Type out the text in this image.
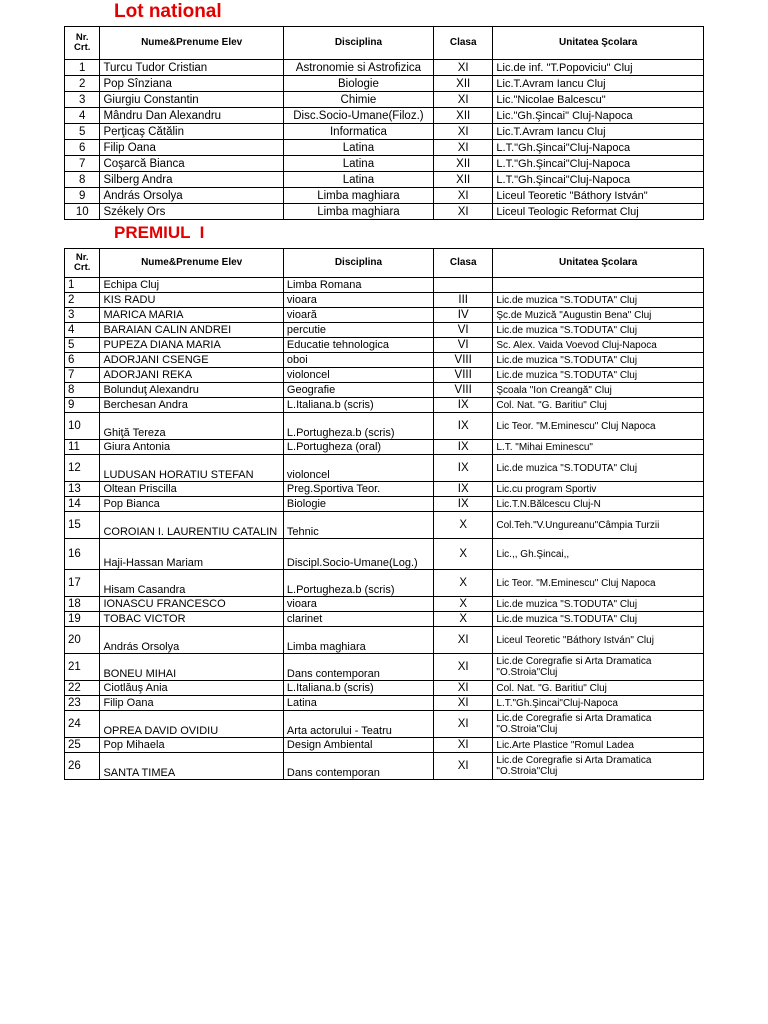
Lot national
Nr. Crt.	Nume&Prenume Elev	Disciplina	Clasa	Unitatea Şcolara
1	Turcu Tudor Cristian	Astronomie si Astrofizica	XI	Lic.de inf. "T.Popoviciu" Cluj
2	Pop Sînziana	Biologie	XII	Lic.T.Avram Iancu Cluj
3	Giurgiu Constantin	Chimie	XI	Lic."Nicolae Balcescu"
4	Mândru Dan Alexandru	Disc.Socio-Umane(Filoz.)	XII	Lic."Gh.Şincai" Cluj-Napoca
5	Perţicaş Cătălin	Informatica	XI	Lic.T.Avram Iancu Cluj
6	Filip Oana	Latina	XI	L.T."Gh.Şincai"Cluj-Napoca
7	Coşarcă Bianca	Latina	XII	L.T."Gh.Şincai"Cluj-Napoca
8	Silberg Andra	Latina	XII	L.T."Gh.Şincai"Cluj-Napoca
9	András Orsolya	Limba maghiara	XI	Liceul Teoretic "Báthory István"
10	Székely Ors	Limba maghiara	XI	Liceul Teologic Reformat Cluj
PREMIUL  I
Nr. Crt.	Nume&Prenume Elev	Disciplina	Clasa	Unitatea Şcolara
1	Echipa Cluj	Limba Romana		
2	KIS RADU	vioara	III	Lic.de muzica "S.TODUTA" Cluj
3	MARICA MARIA	vioară	IV	Şc.de Muzică "Augustin Bena" Cluj
4	BARAIAN CALIN ANDREI	percutie	VI	Lic.de muzica "S.TODUTA" Cluj
5	PUPEZA DIANA MARIA	Educatie tehnologica	VI	Sc. Alex. Vaida Voevod Cluj-Napoca
6	ADORJANI CSENGE	oboi	VIII	Lic.de muzica "S.TODUTA" Cluj
7	ADORJANI REKA	violoncel	VIII	Lic.de muzica "S.TODUTA" Cluj
8	Bolunduţ Alexandru	Geografie	VIII	Şcoala "Ion Creangă" Cluj
9	Berchesan Andra	L.Italiana.b (scris)	IX	Col. Nat. "G. Baritiu" Cluj
10	Ghiţă Tereza	L.Portugheza.b (scris)	IX	Lic Teor. "M.Eminescu" Cluj Napoca
11	Giura Antonia	L.Portugheza (oral)	IX	L.T. "Mihai Eminescu"
12	LUDUSAN HORATIU STEFAN	violoncel	IX	Lic.de muzica "S.TODUTA" Cluj
13	Oltean Priscilla	Preg.Sportiva Teor.	IX	Lic.cu program Sportiv
14	Pop Bianca	Biologie	IX	Lic.T.N.Bălcescu Cluj-N
15	COROIAN I. LAURENTIU CATALIN	Tehnic	X	Col.Teh."V.Ungureanu"Câmpia Turzii
16	Haji-Hassan Mariam	Discipl.Socio-Umane(Log.)	X	Lic.,, Gh.Şincai,,
17	Hisam Casandra	L.Portugheza.b (scris)	X	Lic Teor. "M.Eminescu" Cluj Napoca
18	IONASCU FRANCESCO	vioara	X	Lic.de muzica "S.TODUTA" Cluj
19	TOBAC VICTOR	clarinet	X	Lic.de muzica "S.TODUTA" Cluj
20	András Orsolya	Limba maghiara	XI	Liceul Teoretic "Báthory István" Cluj
21	BONEU MIHAI	Dans contemporan	XI	Lic.de Coregrafie si Arta Dramatica "O.Stroia"Cluj
22	Ciotlăuş Ania	L.Italiana.b (scris)	XI	Col. Nat. "G. Baritiu" Cluj
23	Filip Oana	Latina	XI	L.T."Gh.Şincai"Cluj-Napoca
24	OPREA DAVID OVIDIU	Arta actorului - Teatru	XI	Lic.de Coregrafie si Arta Dramatica "O.Stroia"Cluj
25	Pop Mihaela	Design Ambiental	XI	Lic.Arte Plastice "Romul Ladea
26	SANTA TIMEA	Dans contemporan	XI	Lic.de Coregrafie si Arta Dramatica "O.Stroia"Cluj
